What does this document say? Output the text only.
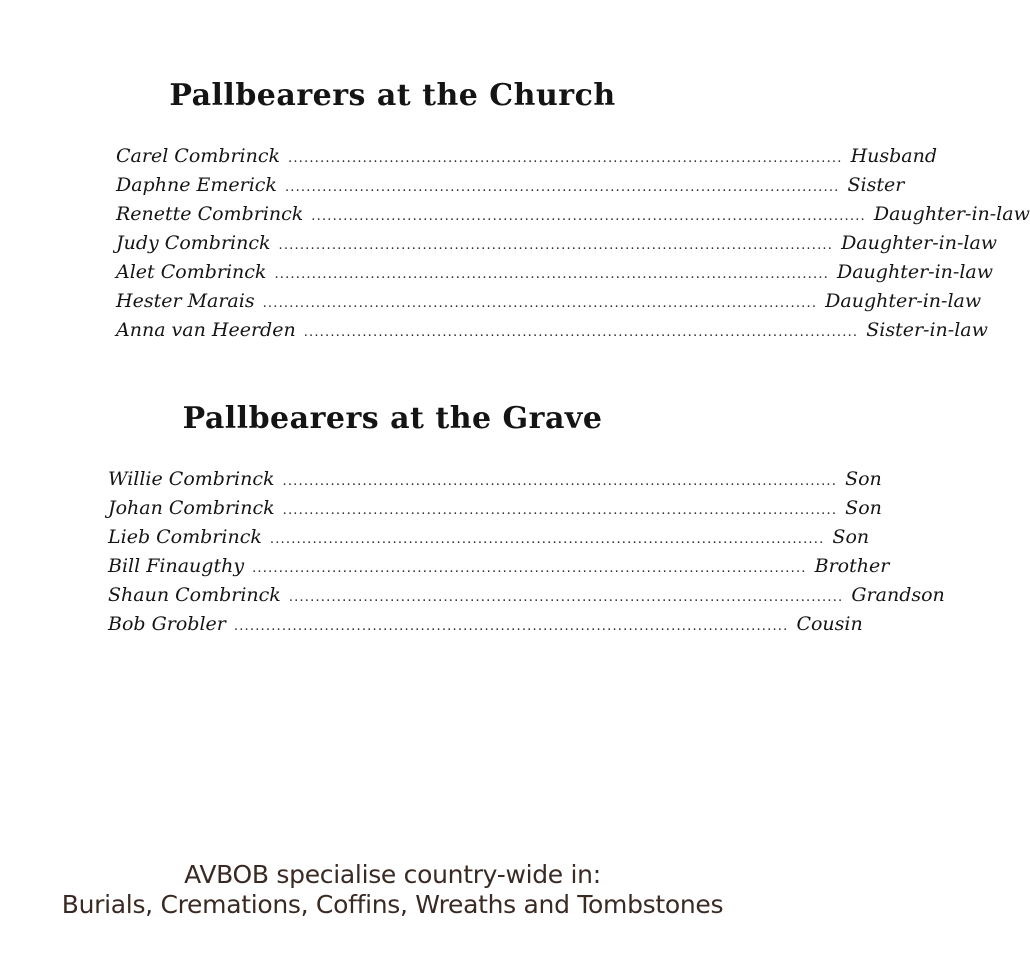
Pallbearers at the Church
Carel Combrinck ........................................................................................................ Husband
Daphne Emerick ........................................................................................................ Sister
Renette Combrinck ........................................................................................................ Daughter-in-law
Judy Combrinck ........................................................................................................ Daughter-in-law
Alet Combrinck ........................................................................................................ Daughter-in-law
Hester Marais ........................................................................................................ Daughter-in-law
Anna van Heerden ........................................................................................................ Sister-in-law
Pallbearers at the Grave
Willie Combrinck ........................................................................................................ Son
Johan Combrinck ........................................................................................................ Son
Lieb Combrinck ........................................................................................................ Son
Bill Finaugthy ........................................................................................................ Brother
Shaun Combrinck ........................................................................................................ Grandson
Bob Grobler ........................................................................................................ Cousin
AVBOB specialise country-wide in:
Burials, Cremations, Coffins, Wreaths and Tombstones
